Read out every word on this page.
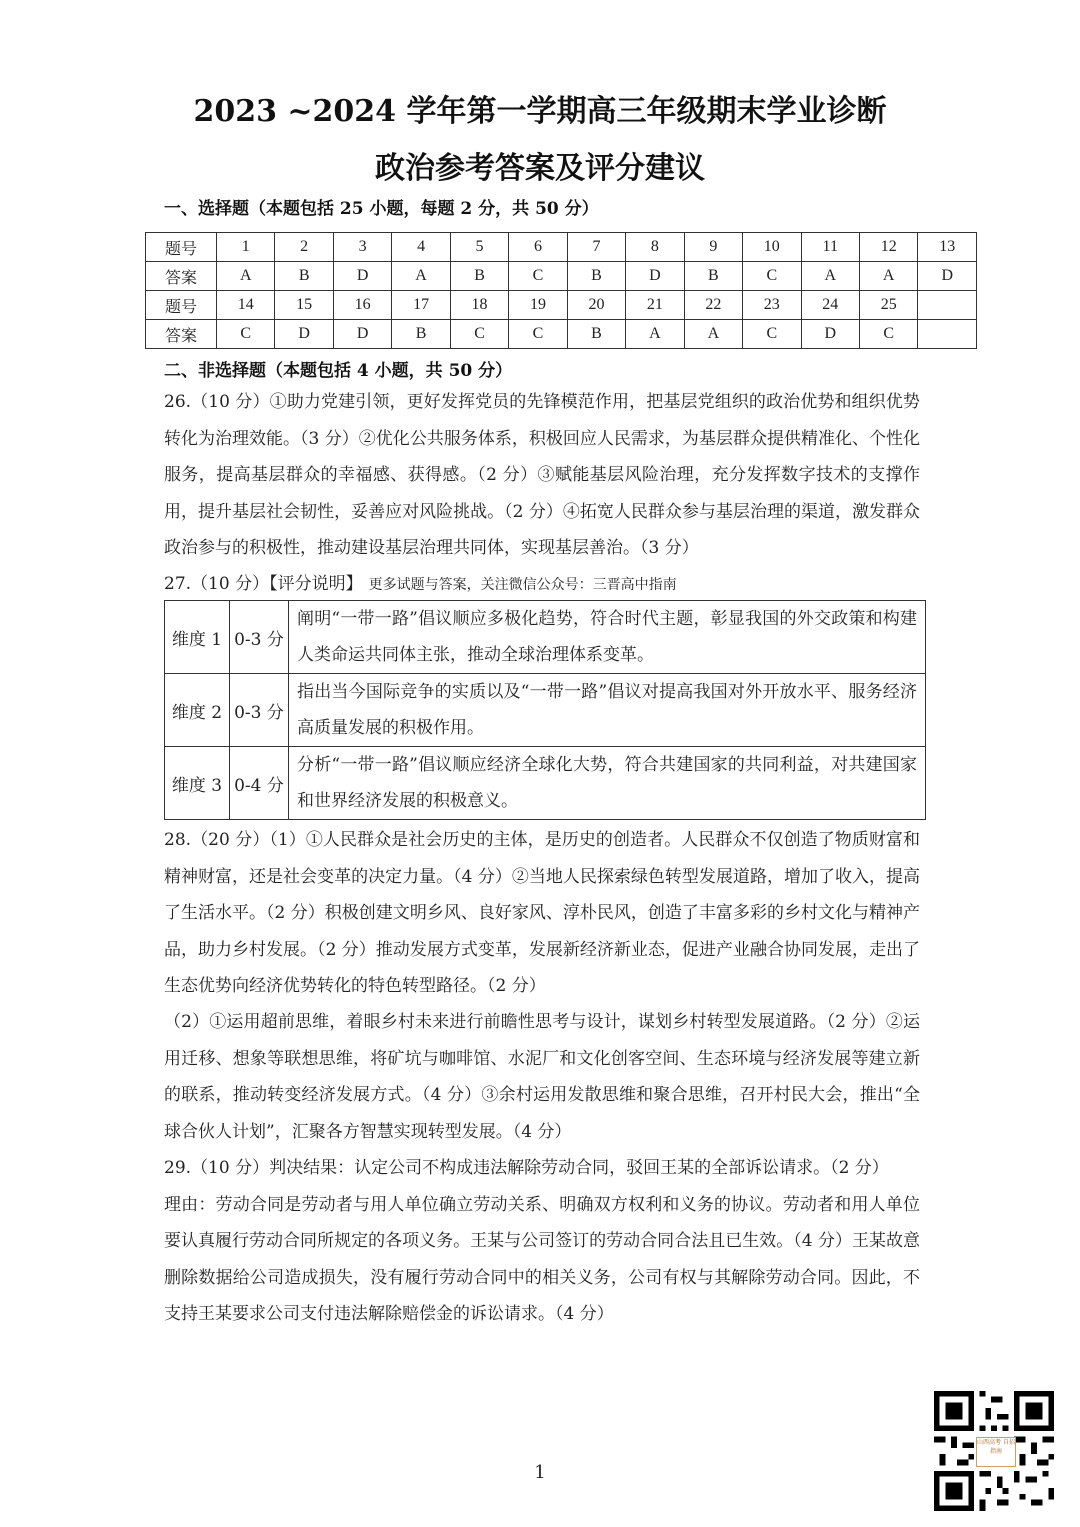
2023 ~2024 学年第一学期高三年级期末学业诊断
政治参考答案及评分建议
一、选择题（本题包括 25 小题，每题 2 分，共 50 分）
题号	1	2	3	4	5	6	7	8	9	10	11	12	13
答案	A	B	D	A	B	C	B	D	B	C	A	A	D
题号	14	15	16	17	18	19	20	21	22	23	24	25	
答案	C	D	D	B	C	C	B	A	A	C	D	C	
二、非选择题（本题包括 4 小题，共 50 分）
26.（10 分）①助力党建引领，更好发挥党员的先锋模范作用，把基层党组织的政治优势和组织优势转化为治理效能。（3 分）②优化公共服务体系，积极回应人民需求，为基层群众提供精准化、个性化服务，提高基层群众的幸福感、获得感。（2 分）③赋能基层风险治理，充分发挥数字技术的支撑作用，提升基层社会韧性，妥善应对风险挑战。（2 分）④拓宽人民群众参与基层治理的渠道，激发群众政治参与的积极性，推动建设基层治理共同体，实现基层善治。（3 分）
27.（10 分）【评分说明】 更多试题与答案，关注微信公众号：三晋高中指南
维度 1	0-3 分	阐明“一带一路”倡议顺应多极化趋势，符合时代主题，彰显我国的外交政策和构建人类命运共同体主张，推动全球治理体系变革。
维度 2	0-3 分	指出当今国际竞争的实质以及“一带一路”倡议对提高我国对外开放水平、服务经济高质量发展的积极作用。
维度 3	0-4 分	分析“一带一路”倡议顺应经济全球化大势，符合共建国家的共同利益，对共建国家和世界经济发展的积极意义。
28.（20 分）（1）①人民群众是社会历史的主体，是历史的创造者。人民群众不仅创造了物质财富和精神财富，还是社会变革的决定力量。（4 分）②当地人民探索绿色转型发展道路，增加了收入，提高了生活水平。（2 分）积极创建文明乡风、良好家风、淳朴民风，创造了丰富多彩的乡村文化与精神产品，助力乡村发展。（2 分）推动发展方式变革，发展新经济新业态，促进产业融合协同发展，走出了生态优势向经济优势转化的特色转型路径。（2 分）
（2）①运用超前思维，着眼乡村未来进行前瞻性思考与设计，谋划乡村转型发展道路。（2 分）②运用迁移、想象等联想思维，将矿坑与咖啡馆、水泥厂和文化创客空间、生态环境与经济发展等建立新的联系，推动转变经济发展方式。（4 分）③余村运用发散思维和聚合思维，召开村民大会，推出“全球合伙人计划”，汇聚各方智慧实现转型发展。（4 分）
29.（10 分）判决结果：认定公司不构成违法解除劳动合同，驳回王某的全部诉讼请求。（2 分）
理由：劳动合同是劳动者与用人单位确立劳动关系、明确双方权利和义务的协议。劳动者和用人单位要认真履行劳动合同所规定的各项义务。王某与公司签订的劳动合同合法且已生效。（4 分）王某故意删除数据给公司造成损失，没有履行劳动合同中的相关义务，公司有权与其解除劳动合同。因此，不支持王某要求公司支付违法解除赔偿金的诉讼请求。（4 分）
1
山西高考 自招指南
